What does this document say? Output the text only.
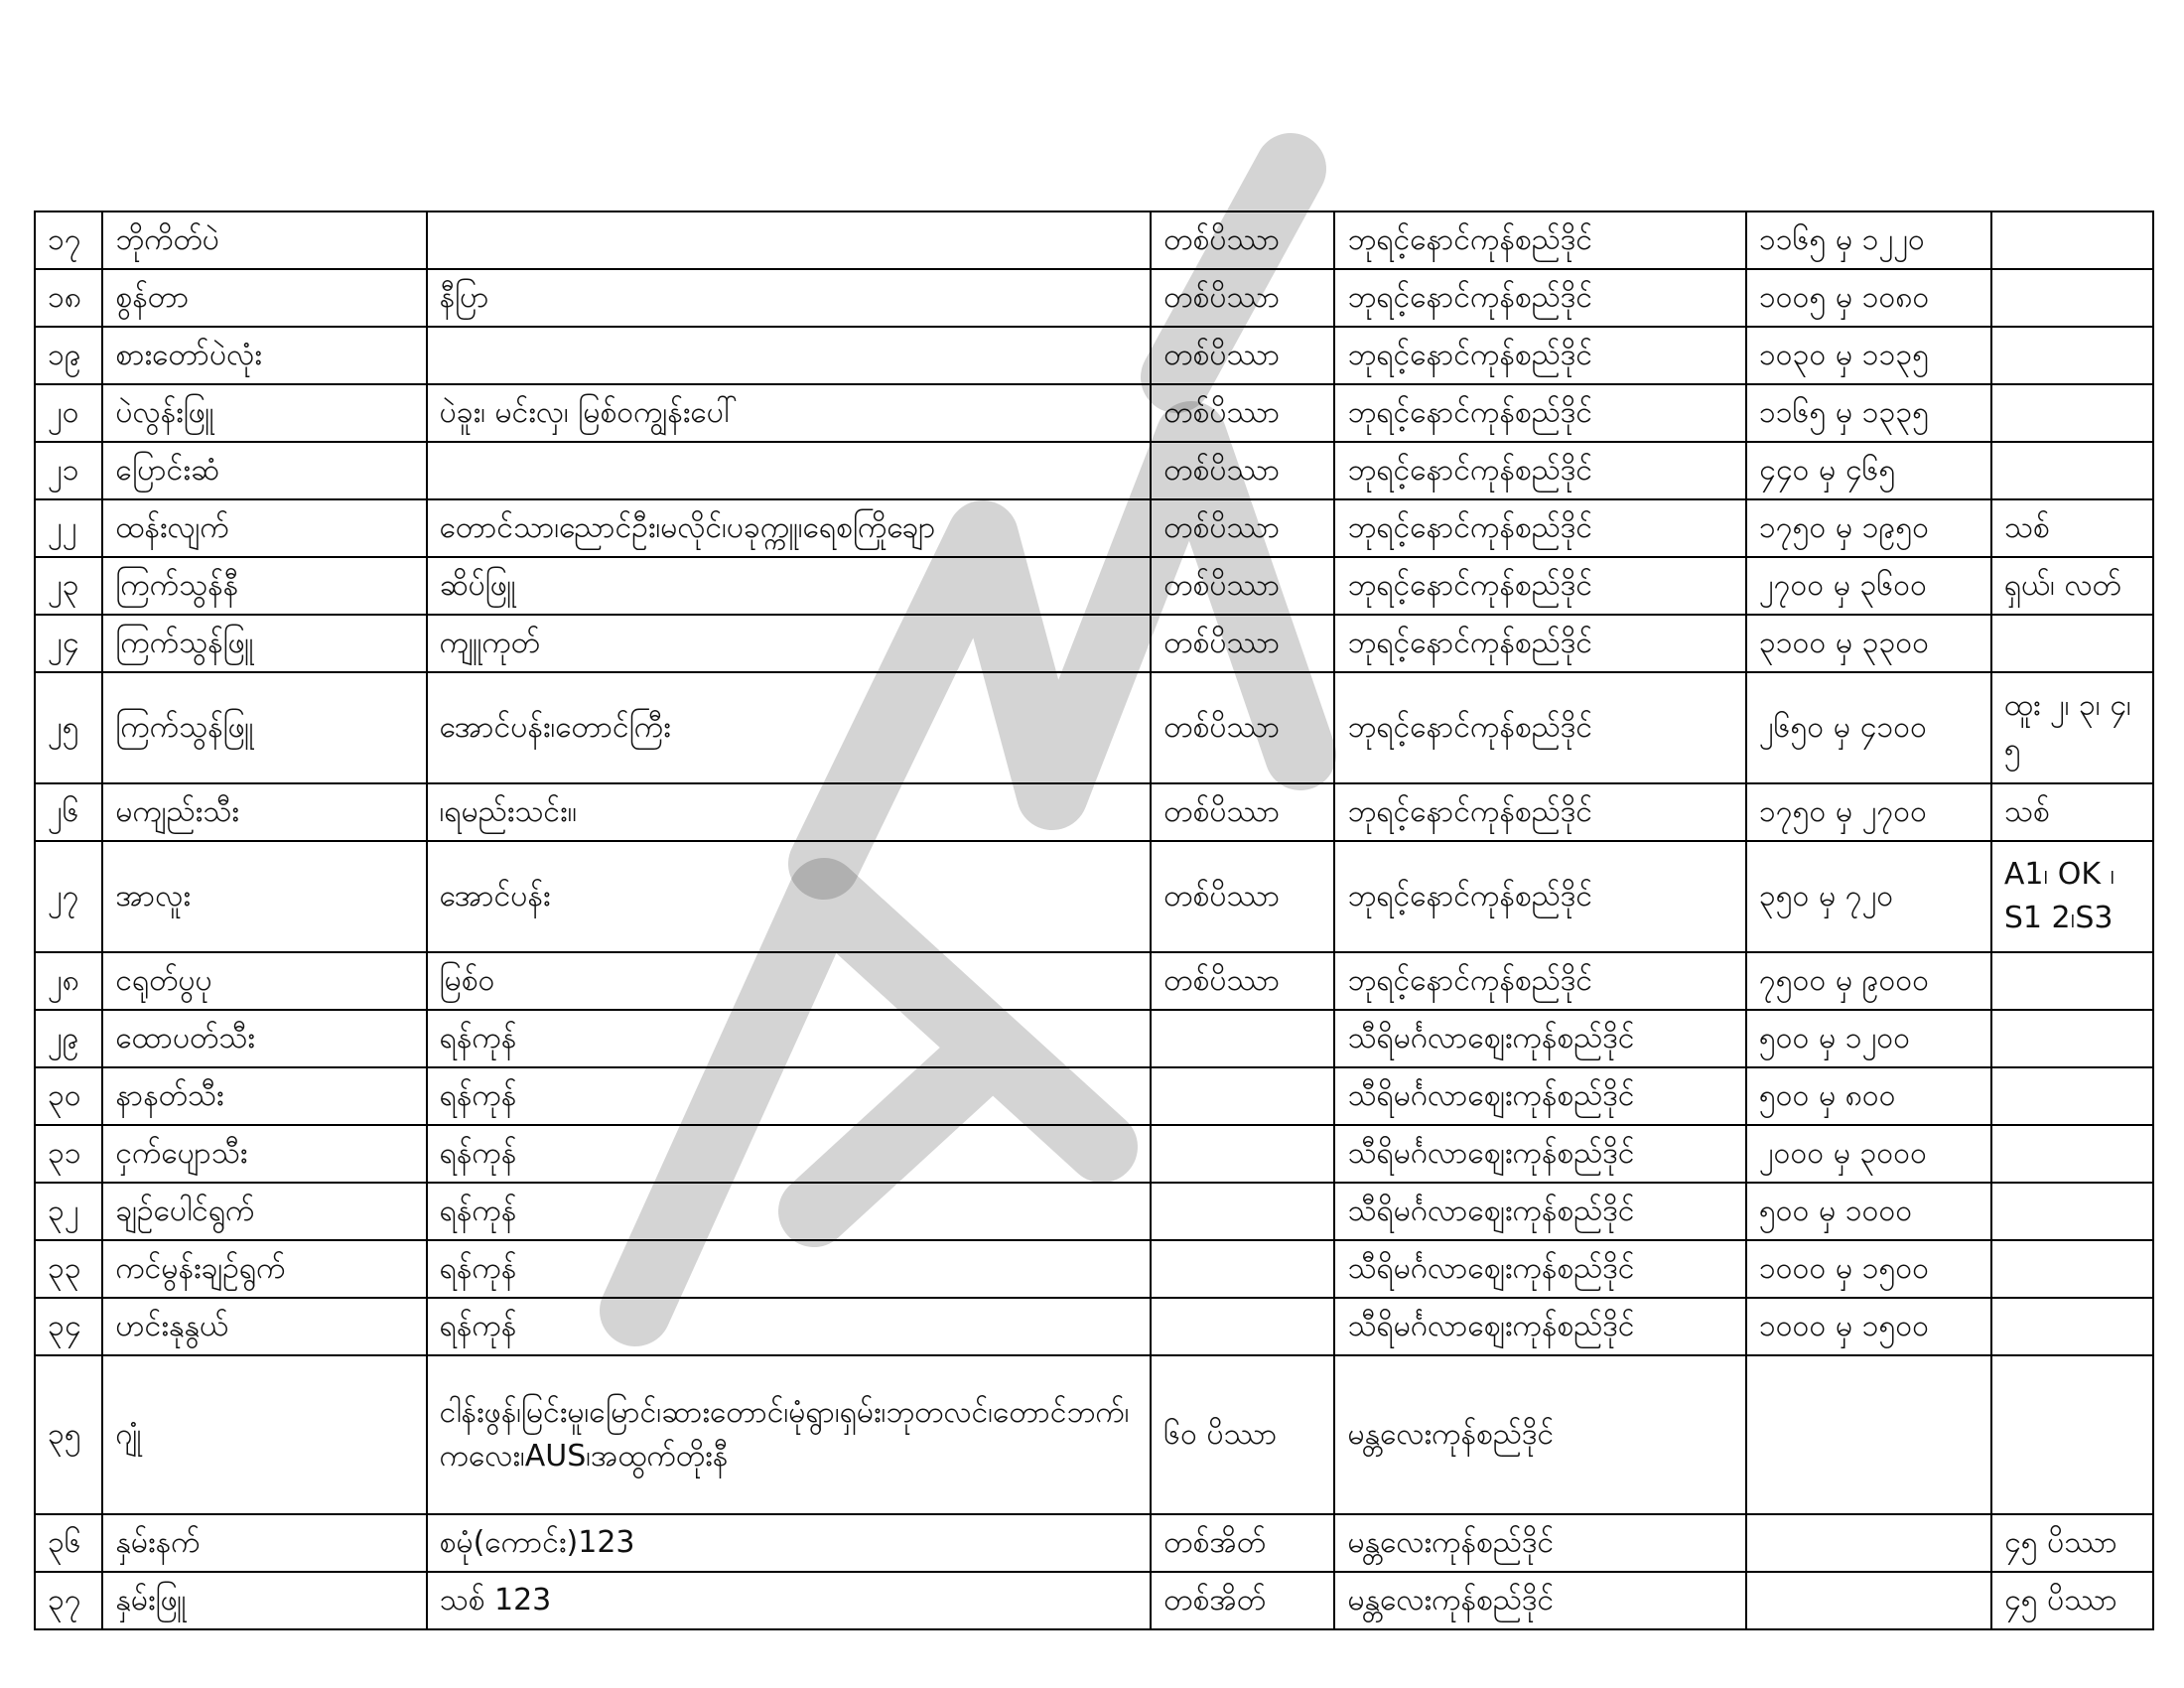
၁၇	ဘိုကိတ်ပဲ		တစ်ပိဿာ	ဘုရင့်နောင်ကုန်စည်ဒိုင်	၁၁၆၅ မှ ၁၂၂၀	
၁၈	စွန်တာ	နီပြာ	တစ်ပိဿာ	ဘုရင့်နောင်ကုန်စည်ဒိုင်	၁၀၀၅ မှ ၁၀၈၀	
၁၉	စားတော်ပဲလုံး		တစ်ပိဿာ	ဘုရင့်နောင်ကုန်စည်ဒိုင်	၁၀၃၀ မှ ၁၁၃၅	
၂၀	ပဲလွန်းဖြူ	ပဲခူး၊ မင်းလှ၊ မြစ်ဝကျွန်းပေါ်	တစ်ပိဿာ	ဘုရင့်နောင်ကုန်စည်ဒိုင်	၁၁၆၅ မှ ၁၃၃၅	
၂၁	ပြောင်းဆံ		တစ်ပိဿာ	ဘုရင့်နောင်ကုန်စည်ဒိုင်	၄၄၀ မှ ၄၆၅	
၂၂	ထန်းလျက်	တောင်သာ၊ညောင်ဦး၊မလိုင်၊ပခုက္ကူ၊ရေစကြိုချော	တစ်ပိဿာ	ဘုရင့်နောင်ကုန်စည်ဒိုင်	၁၇၅၀ မှ ၁၉၅၀	သစ်
၂၃	ကြက်သွန်နီ	ဆိပ်ဖြူ	တစ်ပိဿာ	ဘုရင့်နောင်ကုန်စည်ဒိုင်	၂၇၀၀ မှ ၃၆၀၀	ရှယ်၊ လတ်
၂၄	ကြက်သွန်ဖြူ	ကျူကုတ်	တစ်ပိဿာ	ဘုရင့်နောင်ကုန်စည်ဒိုင်	၃၁၀၀ မှ ၃၃၀၀	
၂၅	ကြက်သွန်ဖြူ	အောင်ပန်း၊တောင်ကြီး	တစ်ပိဿာ	ဘုရင့်နောင်ကုန်စည်ဒိုင်	၂၆၅၀ မှ ၄၁၀၀	ထူး ၂၊ ၃၊ ၄၊ ၅
၂၆	မကျည်းသီး	၊ရမည်းသင်း၊၊	တစ်ပိဿာ	ဘုရင့်နောင်ကုန်စည်ဒိုင်	၁၇၅၀ မှ ၂၇၀၀	သစ်
၂၇	အာလူး	အောင်ပန်း	တစ်ပိဿာ	ဘုရင့်နောင်ကုန်စည်ဒိုင်	၃၅၀ မှ ၇၂၀	A1၊ OK ၊S1 2၊S3
၂၈	ငရုတ်ပွပု	မြစ်ဝ	တစ်ပိဿာ	ဘုရင့်နောင်ကုန်စည်ဒိုင်	၇၅၀၀ မှ ၉၀၀၀	
၂၉	ထောပတ်သီး	ရန်ကုန်		သီရိမင်္ဂလာဈေးကုန်စည်ဒိုင်	၅၀၀ မှ ၁၂၀၀	
၃၀	နာနတ်သီး	ရန်ကုန်		သီရိမင်္ဂလာဈေးကုန်စည်ဒိုင်	၅၀၀ မှ ၈၀၀	
၃၁	ငှက်ပျောသီး	ရန်ကုန်		သီရိမင်္ဂလာဈေးကုန်စည်ဒိုင်	၂၀၀၀ မှ ၃၀၀၀	
၃၂	ချဉ်ပေါင်ရွက်	ရန်ကုန်		သီရိမင်္ဂလာဈေးကုန်စည်ဒိုင်	၅၀၀ မှ ၁၀၀၀	
၃၃	ကင်မွန်းချဉ်ရွက်	ရန်ကုန်		သီရိမင်္ဂလာဈေးကုန်စည်ဒိုင်	၁၀၀၀ မှ ၁၅၀၀	
၃၄	ဟင်းနုနွယ်	ရန်ကုန်		သီရိမင်္ဂလာဈေးကုန်စည်ဒိုင်	၁၀၀၀ မှ ၁၅၀၀	
၃၅	ဂျုံ	ငါန်းဖွန်၊မြင်းမူ၊မြောင်၊ဆားတောင်၊မုံရွာ၊ရှမ်း၊ဘုတလင်၊တောင်ဘက်၊ကလေး၊AUS၊အထွက်တိုးနီ	၆ဝ ပိဿာ	မန္တလေးကုန်စည်ဒိုင်		
၃၆	နှမ်းနက်	စမုံ(ကောင်း)123	တစ်အိတ်	မန္တလေးကုန်စည်ဒိုင်		၄၅ ပိဿာ
၃၇	နှမ်းဖြူ	သစ် 123	တစ်အိတ်	မန္တလေးကုန်စည်ဒိုင်		၄၅ ပိဿာ
